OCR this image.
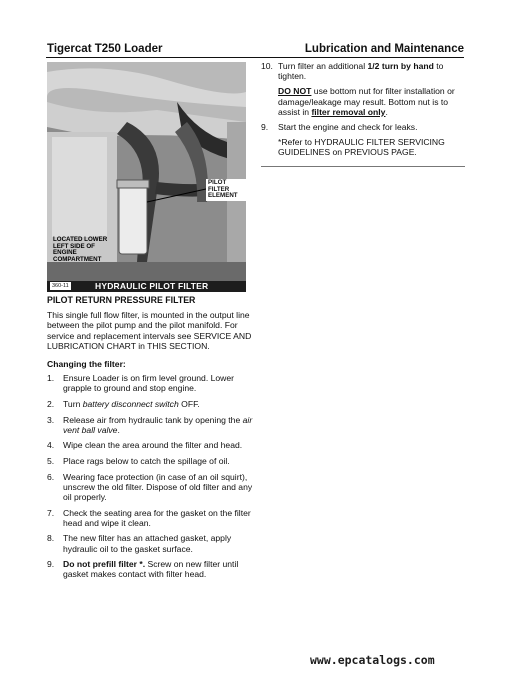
Tigercat T250 Loader	Lubrication and Maintenance
PILOT FILTER ELEMENT
LOCATED LOWER LEFT SIDE OF ENGINE COMPARTMENT
360-11	HYDRAULIC PILOT FILTER
PILOT RETURN PRESSURE FILTER

This single full flow filter, is mounted in the output line between the pilot pump and the pilot manifold. For service and replacement intervals see SERVICE AND LUBRICATION CHART in THIS SECTION.

Changing the filter:
1. Ensure Loader is on firm level ground. Lower grapple to ground and stop engine.
2. Turn battery disconnect switch OFF.
3. Release air from hydraulic tank by opening the air vent ball valve.
4. Wipe clean the area around the filter and head.
5. Place rags below to catch the spillage of oil.
6. Wearing face protection (in case of an oil squirt), unscrew the old filter. Dispose of old filter and any oil properly.
7. Check the seating area for the gasket on the filter head and wipe it clean.
8. The new filter has an attached gasket, apply hydraulic oil to the gasket surface.
9. Do not prefill filter *. Screw on new filter until gasket makes contact with filter head.
10. Turn filter an additional 1/2 turn by hand to tighten.

DO NOT use bottom nut for filter installation or damage/leakage may result. Bottom nut is to assist in filter removal only.

9. Start the engine and check for leaks.

*Refer to HYDRAULIC FILTER SERVICING GUIDELINES on PREVIOUS PAGE.

www.epcatalogs.com
